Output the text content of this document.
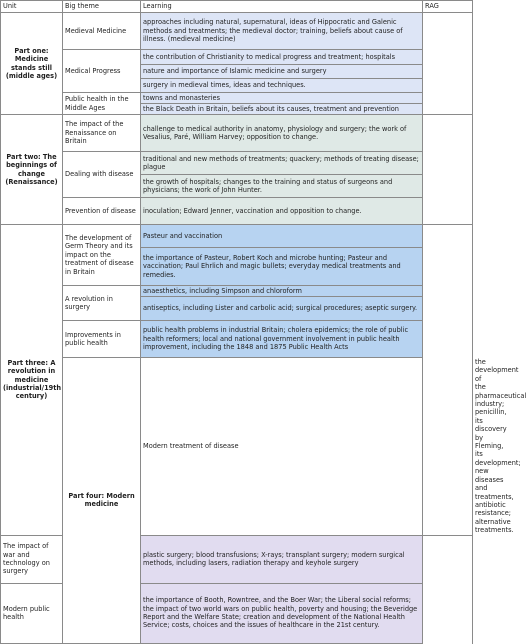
Unit	Big theme	Learning	RAG	
Part one: Medicine stands still (middle ages)	Medieval Medicine	approaches including natural, supernatural, ideas of Hippocratic and Galenic methods and treatments; the medieval doctor; training, beliefs about cause of illness. (medieval medicine)		
	Medical Progress	the contribution of Christianity to medical progress and treatment; hospitals		
		nature and importance of Islamic medicine and surgery		
		surgery in medieval times, ideas and techniques.		
	Public health in the Middle Ages	towns and monasteries		
		the Black Death in Britain, beliefs about its causes, treatment and prevention		
Part two: The beginnings of change (Renaissance)	The impact of the Renaissance on Britain	challenge to medical authority in anatomy, physiology and surgery; the work of Vesalius, Paré, William Harvey; opposition to change.		
	Dealing with disease	traditional and new methods of treatments; quackery; methods of treating disease; plague		
		the growth of hospitals; changes to the training and status of surgeons and physicians; the work of John Hunter.		
	Prevention of disease	inoculation; Edward Jenner, vaccination and opposition to change.		
Part three: A revolution in medicine (industrial/19th century)	The development of Germ Theory and its impact on the treatment of disease in Britain	Pasteur and vaccination		
		the importance of Pasteur, Robert Koch and microbe hunting; Pasteur and vaccination; Paul Ehrlich and magic bullets; everyday medical treatments and remedies.		
	A revolution in surgery	anaesthetics, including Simpson and chloroform		
		antiseptics, including Lister and carbolic acid; surgical procedures; aseptic surgery.		
	Improvements in public health	public health problems in industrial Britain; cholera epidemics; the role of public health reformers; local and national government involvement in public health improvement, including the 1848 and 1875 Public Health Acts		
	Part four: Modern medicine	Modern treatment of disease		the development of the pharmaceutical industry; penicillin, its discovery by Fleming, its development; new diseases and treatments, antibiotic resistance; alternative treatments.	
The impact of war and technology on surgery		plastic surgery; blood transfusions; X-rays; transplant surgery; modern surgical methods, including lasers, radiation therapy and keyhole surgery		
Modern public health		the importance of Booth, Rowntree, and the Boer War; the Liberal social reforms; the impact of two world wars on public health, poverty and housing; the Beveridge Report and the Welfare State; creation and development of the National Health Service; costs, choices and the issues of healthcare in the 21st century.		
